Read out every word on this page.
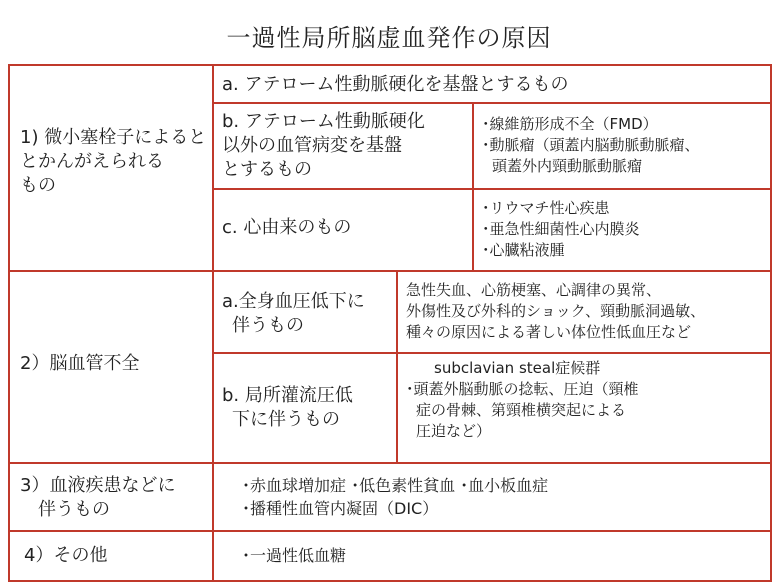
一過性局所脳虚血発作の原因
1) 微小塞栓子によると
とかんがえられる
もの
a. アテローム性動脈硬化を基盤とするもの
b. アテローム性動脈硬化
以外の血管病変を基盤
とするもの
･線維筋形成不全（FMD）
･動脈瘤（頭蓋内脳動脈動脈瘤、
頭蓋外内頸動脈動脈瘤
c. 心由来のもの
･リウマチ性心疾患
･亜急性細菌性心内膜炎
･心臓粘液腫
2）脳血管不全
a.全身血圧低下に
伴うもの
急性失血、心筋梗塞、心調律の異常、
外傷性及び外科的ショック、頸動脈洞過敏、
種々の原因による著しい体位性低血圧など
b. 局所灌流圧低
下に伴うもの
subclavian steal症候群
･頭蓋外脳動脈の捻転、圧迫（頸椎
症の骨棘、第頸椎横突起による
圧迫など）
3）血液疾患などに
伴うもの
･赤血球増加症 ･低色素性貧血 ･血小板血症
･播種性血管内凝固（DIC）
4）その他	･一過性低血糖
